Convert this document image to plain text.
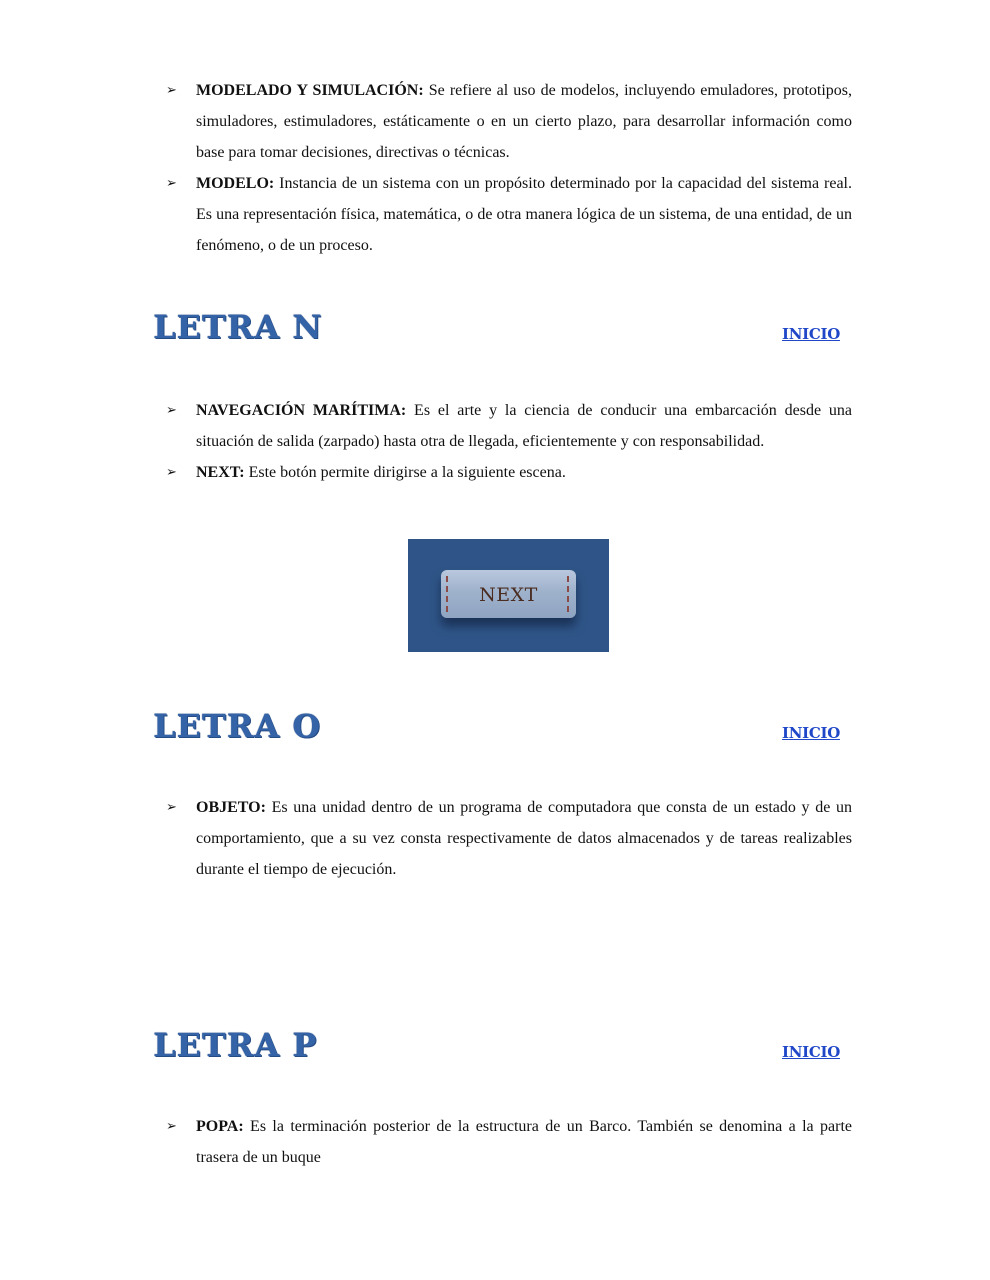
➢ MODELADO Y SIMULACIÓN: Se refiere al uso de modelos, incluyendo emuladores, prototipos, simuladores, estimuladores, estáticamente o en un cierto plazo, para desarrollar información como base para tomar decisiones, directivas o técnicas.
➢ MODELO: Instancia de un sistema con un propósito determinado por la capacidad del sistema real. Es una representación física, matemática, o de otra manera lógica de un sistema, de una entidad, de un fenómeno, o de un proceso.
LETRA N	INICIO
➢ NAVEGACIÓN MARÍTIMA: Es el arte y la ciencia de conducir una embarcación desde una situación de salida (zarpado) hasta otra de llegada, eficientemente y con responsabilidad.
➢ NEXT: Este botón permite dirigirse a la siguiente escena.
NEXT
LETRA O	INICIO
➢ OBJETO: Es una unidad dentro de un programa de computadora que consta de un estado y de un comportamiento, que a su vez consta respectivamente de datos almacenados y de tareas realizables durante el tiempo de ejecución.
LETRA P	INICIO
➢ POPA: Es la terminación posterior de la estructura de un Barco. También se denomina a la parte trasera de un buque
